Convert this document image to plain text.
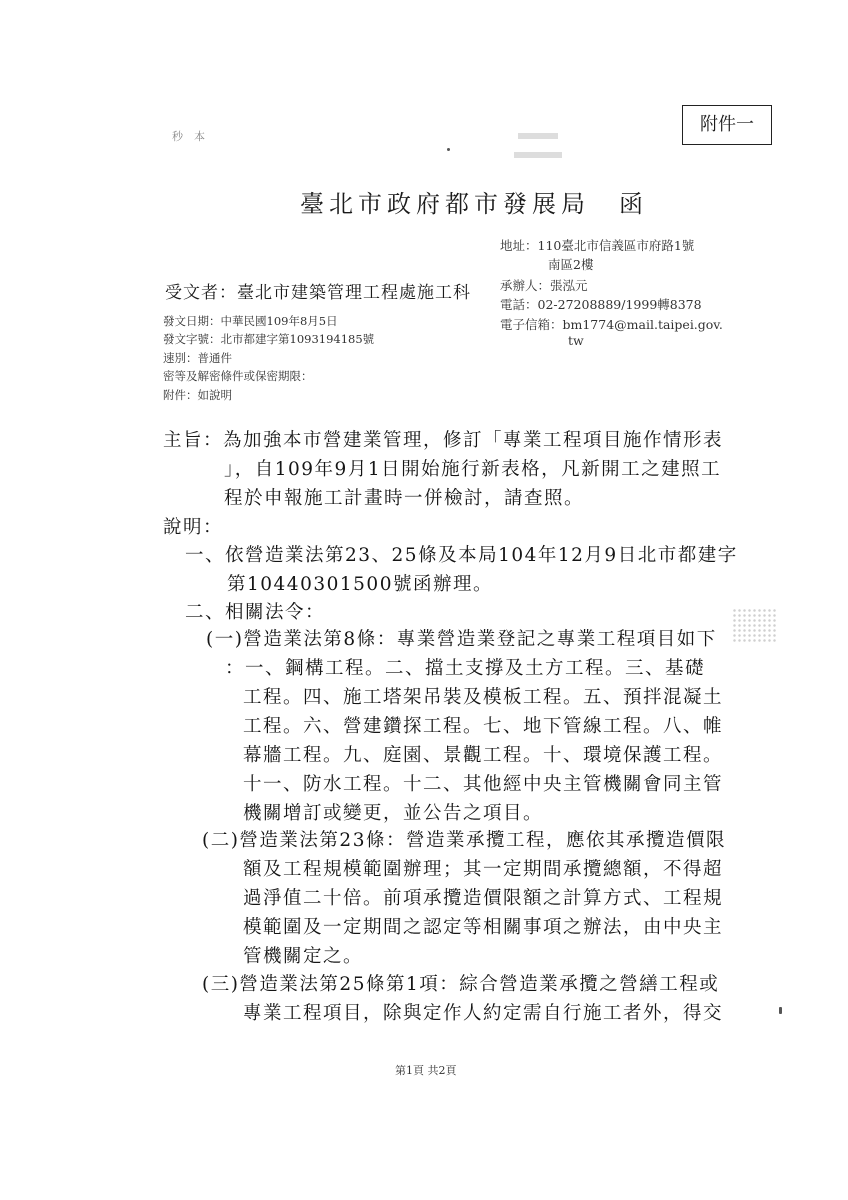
秒　本
附件一
臺北市政府都市發展局　函
地址：110臺北市信義區市府路1號
南區2樓
承辦人：張泓元
電話：02-27208889/1999轉8378
電子信箱：bm1774@mail.taipei.gov.
tw
受文者：臺北市建築管理工程處施工科
發文日期：中華民國109年8月5日
發文字號：北市都建字第1093194185號
速別：普通件
密等及解密條件或保密期限：
附件：如說明
主旨：為加強本市營建業管理，修訂「專業工程項目施作情形表
」，自109年9月1日開始施行新表格，凡新開工之建照工
程於申報施工計畫時一併檢討，請查照。
說明：
一、依營造業法第23、25條及本局104年12月9日北市都建字
第10440301500號函辦理。
二、相關法令：
(一)營造業法第8條：專業營造業登記之專業工程項目如下
：一、鋼構工程。二、擋土支撐及土方工程。三、基礎
工程。四、施工塔架吊裝及模板工程。五、預拌混凝土
工程。六、營建鑽探工程。七、地下管線工程。八、帷
幕牆工程。九、庭園、景觀工程。十、環境保護工程。
十一、防水工程。十二、其他經中央主管機關會同主管
機關增訂或變更，並公告之項目。
(二)營造業法第23條：營造業承攬工程，應依其承攬造價限
額及工程規模範圍辦理；其一定期間承攬總額，不得超
過淨值二十倍。前項承攬造價限額之計算方式、工程規
模範圍及一定期間之認定等相關事項之辦法，由中央主
管機關定之。
(三)營造業法第25條第1項：綜合營造業承攬之營繕工程或
專業工程項目，除與定作人約定需自行施工者外，得交
第1頁 共2頁
